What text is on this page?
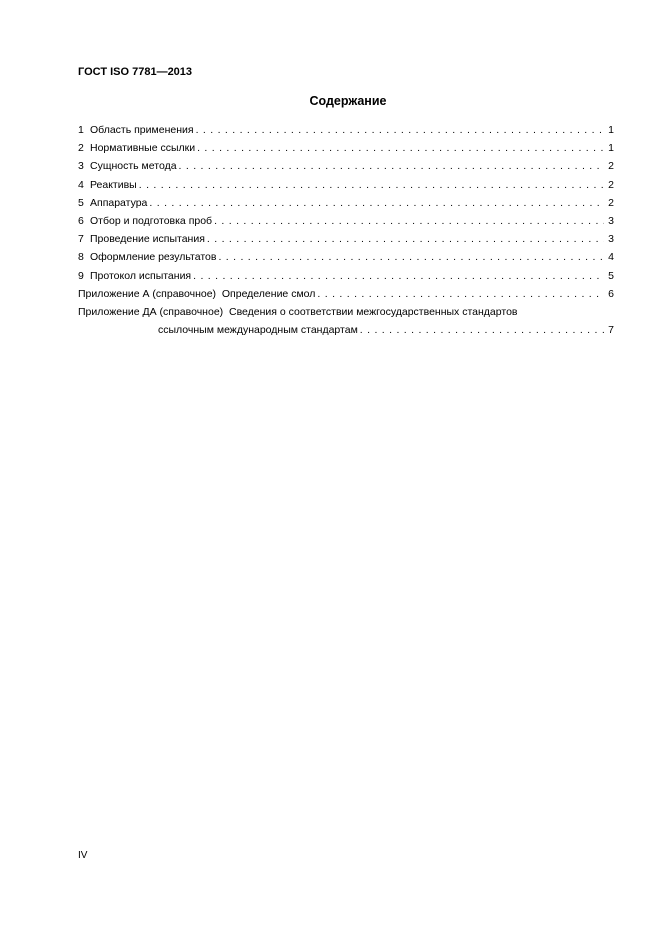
ГОСТ ISO 7781—2013
Содержание
1 Область применения . . .	1
2 Нормативные ссылки . . .	1
3 Сущность метода . . .	2
4 Реактивы . . .	2
5 Аппаратура . . .	2
6 Отбор и подготовка проб . . .	3
7 Проведение испытания . . .	3
8 Оформление результатов . . .	4
9 Протокол испытания . . .	5
Приложение А (справочное)  Определение смол . . .	6
Приложение ДА (справочное)  Сведения о соответствии межгосударственных стандартов
ссылочным международным стандартам . . .	7
IV
